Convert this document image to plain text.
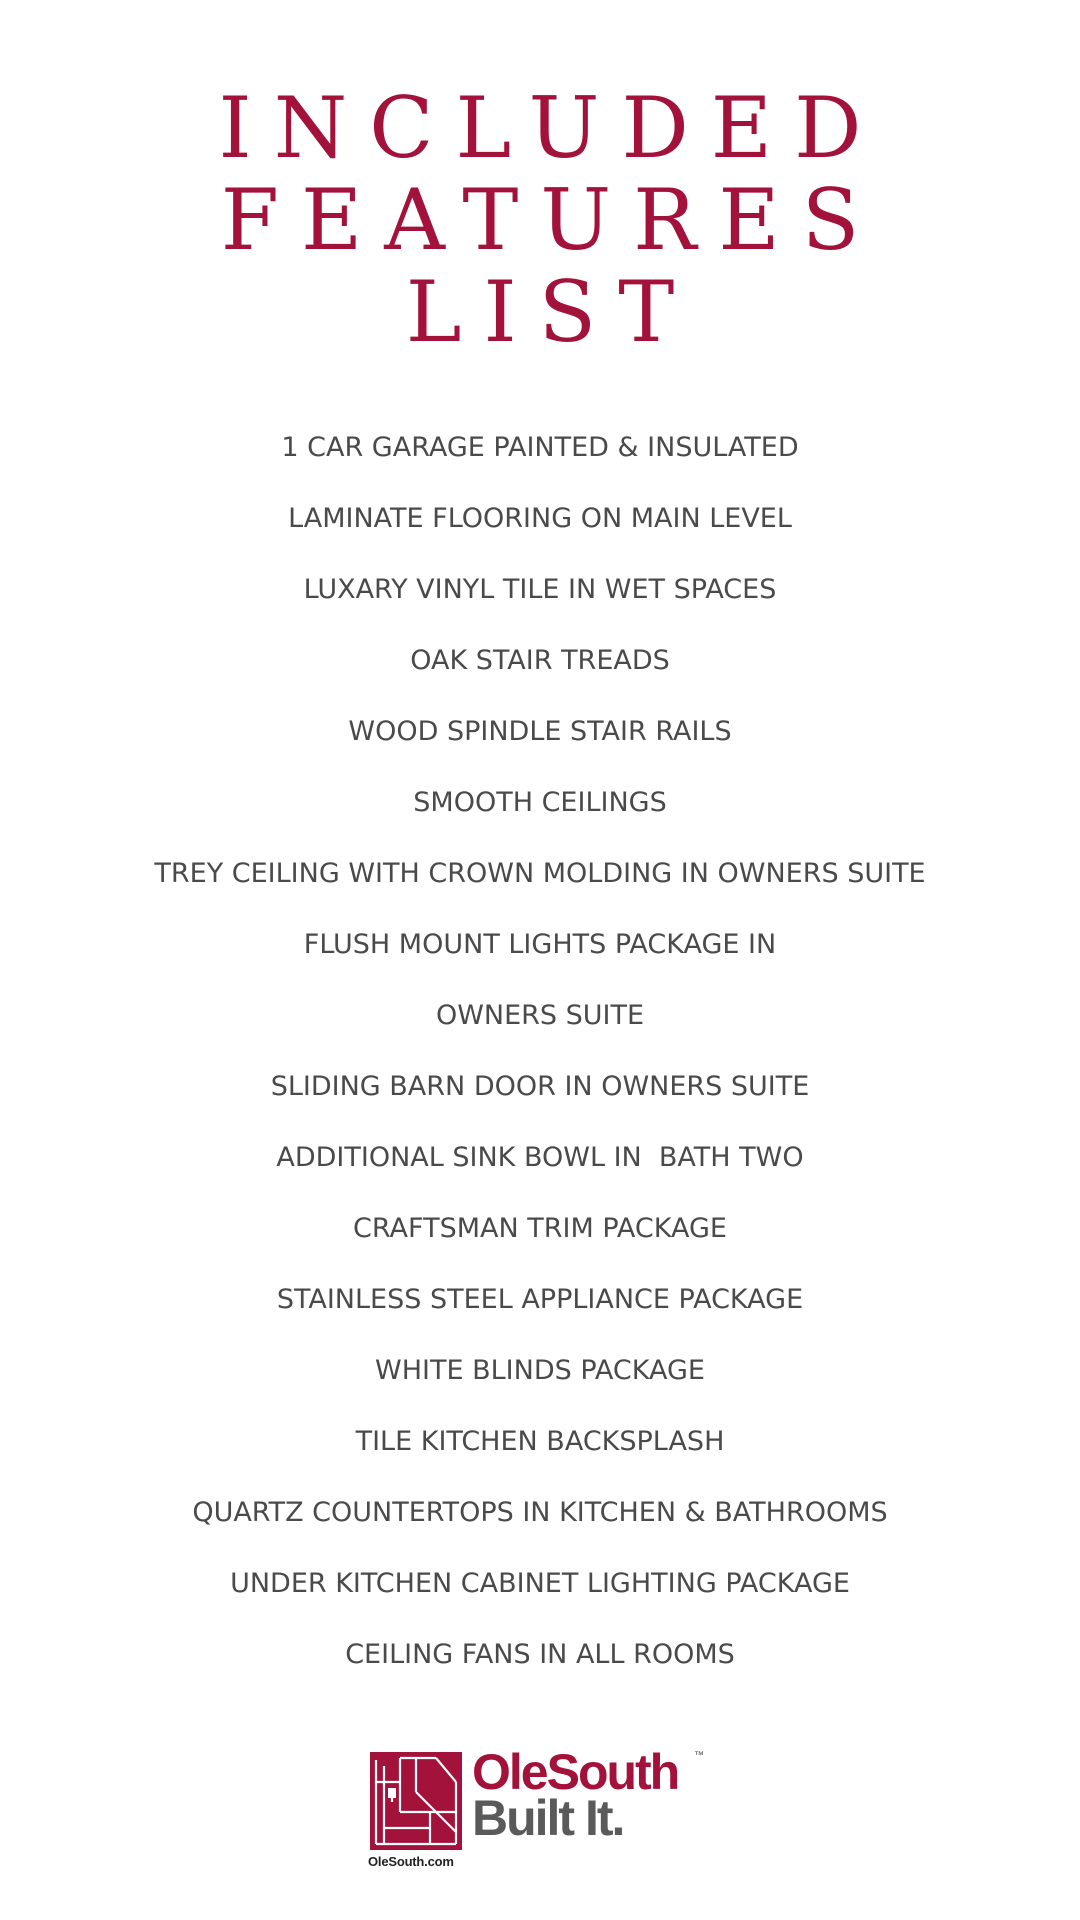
INCLUDED
FEATURES
LIST
1 CAR GARAGE PAINTED & INSULATED
LAMINATE FLOORING ON MAIN LEVEL
LUXARY VINYL TILE IN WET SPACES
OAK STAIR TREADS
WOOD SPINDLE STAIR RAILS
SMOOTH CEILINGS
TREY CEILING WITH CROWN MOLDING IN OWNERS SUITE
FLUSH MOUNT LIGHTS PACKAGE IN
OWNERS SUITE
SLIDING BARN DOOR IN OWNERS SUITE
ADDITIONAL SINK BOWL IN  BATH TWO
CRAFTSMAN TRIM PACKAGE
STAINLESS STEEL APPLIANCE PACKAGE
WHITE BLINDS PACKAGE
TILE KITCHEN BACKSPLASH
QUARTZ COUNTERTOPS IN KITCHEN & BATHROOMS
UNDER KITCHEN CABINET LIGHTING PACKAGE
CEILING FANS IN ALL ROOMS
OleSouth.com
OleSouth ™
Built It.
